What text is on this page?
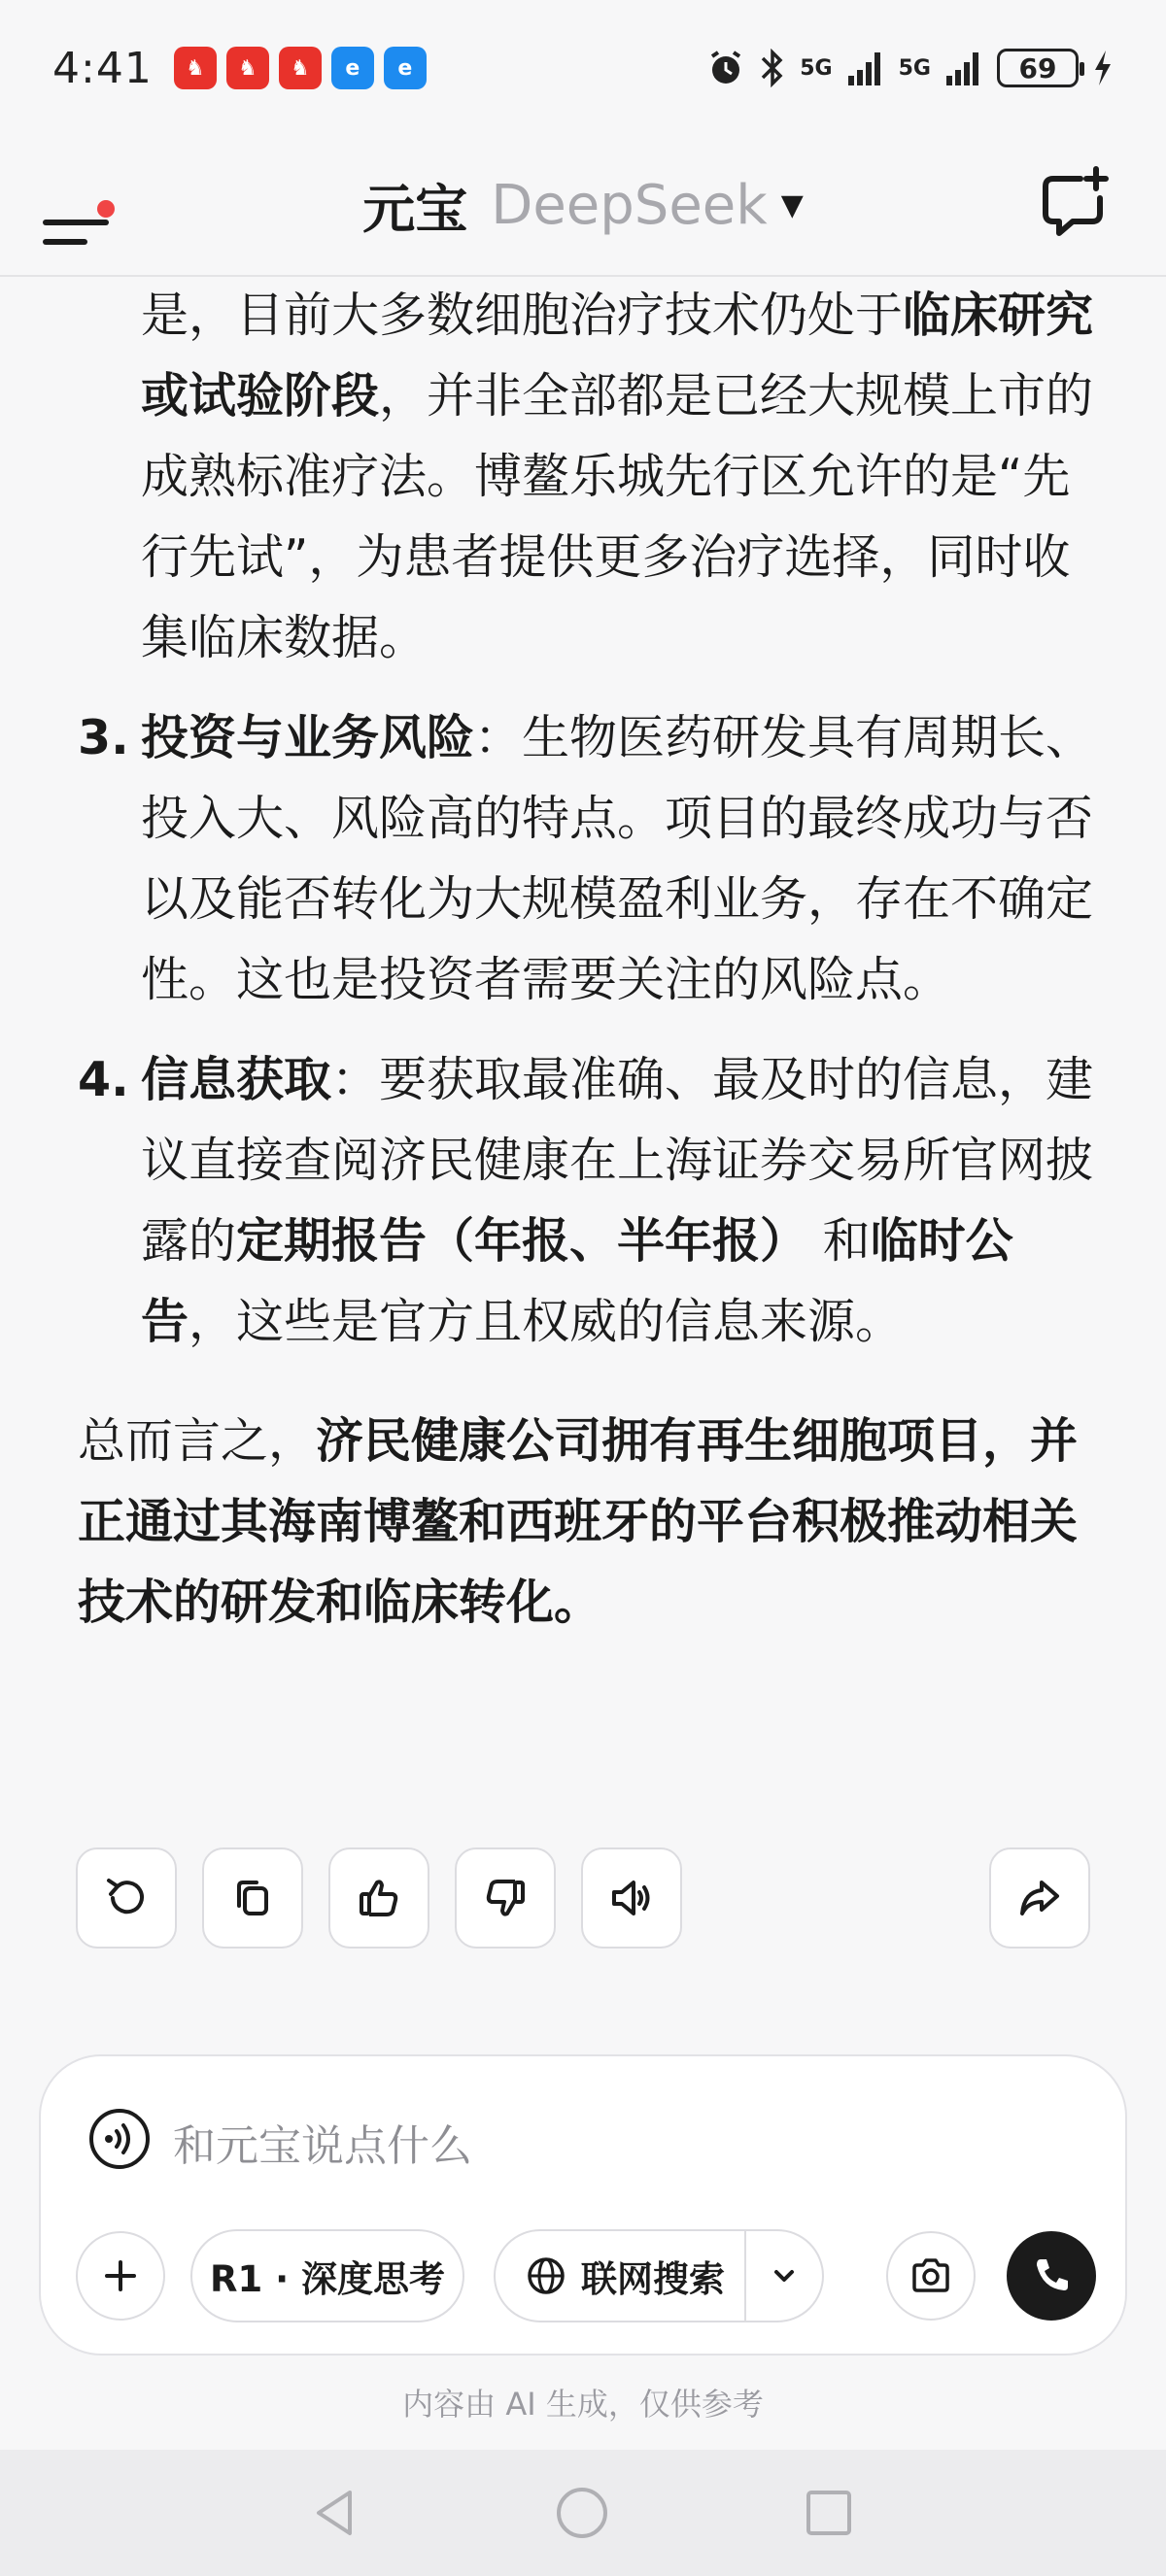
4:41	♞	♞	♞	e	e	5G	5G	69
元宝 DeepSeek ▼
是，目前大多数细胞治疗技术仍处于临床研究或试验阶段，并非全部都是已经大规模上市的成熟标准疗法。博鳌乐城先行区允许的是“先行先试”，为患者提供更多治疗选择，同时收集临床数据。
3. 投资与业务风险：生物医药研发具有周期长、投入大、风险高的特点。项目的最终成功与否以及能否转化为大规模盈利业务，存在不确定性。这也是投资者需要关注的风险点。
4. 信息获取：要获取最准确、最及时的信息，建议直接查阅济民健康在上海证券交易所官网披露的定期报告（年报、半年报） 和临时公告，这些是官方且权威的信息来源。
总而言之，济民健康公司拥有再生细胞项目，并正通过其海南博鳌和西班牙的平台积极推动相关技术的研发和临床转化。
和元宝说点什么
R1 · 深度思考	联网搜索
内容由 AI 生成，仅供参考
